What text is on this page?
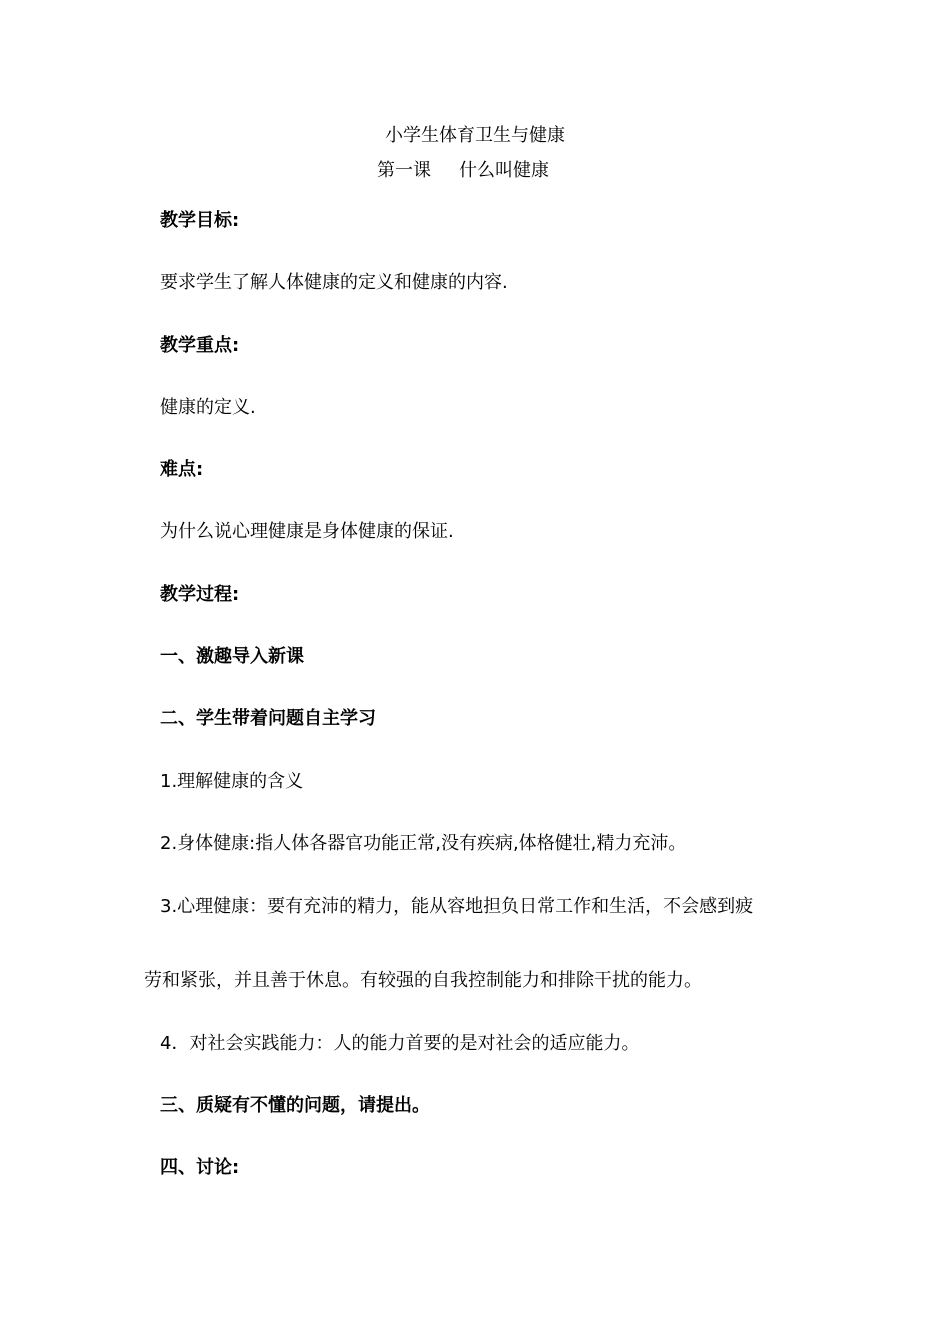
小学生体育卫生与健康
第一课 什么叫健康
教学目标:
要求学生了解人体健康的定义和健康的内容.
教学重点:
健康的定义.
难点:
为什么说心理健康是身体健康的保证.
教学过程:
一、激趣导入新课
二、学生带着问题自主学习
1.理解健康的含义
2.身体健康:指人体各器官功能正常,没有疾病,体格健壮,精力充沛。
3.心理健康：要有充沛的精力，能从容地担负日常工作和生活，不会感到疲
劳和紧张，并且善于休息。有较强的自我控制能力和排除干扰的能力。
4．对社会实践能力：人的能力首要的是对社会的适应能力。
三、质疑有不懂的问题，请提出。
四、讨论:
